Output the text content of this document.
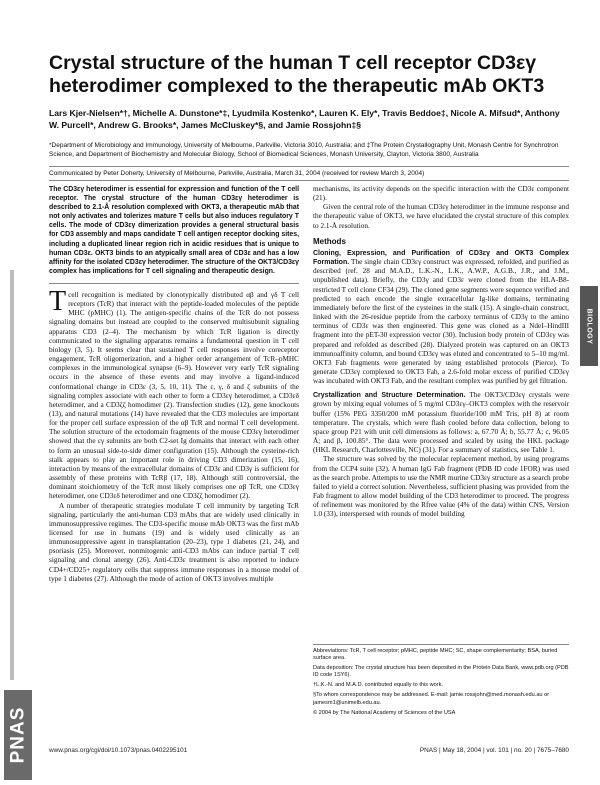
PNAS
BIOLOGY
Crystal structure of the human T cell receptor CD3εγ heterodimer complexed to the therapeutic mAb OKT3
Lars Kjer-Nielsen*†, Michelle A. Dunstone*‡, Lyudmila Kostenko*, Lauren K. Ely*, Travis Beddoe‡, Nicole A. Mifsud*, Anthony W. Purcell*, Andrew G. Brooks*, James McCluskey*§, and Jamie Rossjohn‡§
*Department of Microbiology and Immunology, University of Melbourne, Parkville, Victoria 3010, Australia; and ‡The Protein Crystallography Unit, Monash Centre for Synchrotron Science, and Department of Biochemistry and Molecular Biology, School of Biomedical Sciences, Monash University, Clayton, Victoria 3800, Australia
Communicated by Peter Doherty, University of Melbourne, Parkville, Australia, March 31, 2004 (received for review March 3, 2004)

The CD3εγ heterodimer is essential for expression and function of the T cell receptor. The crystal structure of the human CD3εγ heterodimer is described to 2.1-Å resolution complexed with OKT3, a therapeutic mAb that not only activates and tolerizes mature T cells but also induces regulatory T cells. The mode of CD3εγ dimerization provides a general structural basis for CD3 assembly and maps candidate T cell antigen receptor docking sites, including a duplicated linear region rich in acidic residues that is unique to human CD3ε. OKT3 binds to an atypically small area of CD3ε and has a low affinity for the isolated CD3εγ heterodimer. The structure of the OKT3/CD3εγ complex has implications for T cell signaling and therapeutic design.

Tcell recognition is mediated by clonotypically distributed αβ and γδ T cell receptors (TcR) that interact with the peptide-loaded molecules of the peptide MHC (pMHC) (1). The antigen-specific chains of the TcR do not possess signaling domains but instead are coupled to the conserved multisubunit signaling apparatus CD3 (2–4). The mechanism by which TcR ligation is directly communicated to the signaling apparatus remains a fundamental question in T cell biology (3, 5). It seems clear that sustained T cell responses involve coreceptor engagement, TcR oligomerization, and a higher order arrangement of TcR–pMHC complexes in the immunological synapse (6–9). However very early TcR signaling occurs in the absence of these events and may involve a ligand-induced conformational change in CD3ε (3, 5, 10, 11). The ε, γ, δ and ζ subunits of the signaling complex associate with each other to form a CD3εγ heterodimer, a CD3εδ heterodimer, and a CD3ζζ homodimer (2). Transfection studies (12), gene knockouts (13), and natural mutations (14) have revealed that the CD3 molecules are important for the proper cell surface expression of the αβ TcR and normal T cell development. The solution structure of the ectodomain fragments of the mouse CD3εγ heterodimer showed that the εγ subunits are both C2-set Ig domains that interact with each other to form an unusual side-to-side dimer configuration (15). Although the cysteine-rich stalk appears to play an important role in driving CD3 dimerization (15, 16), interaction by means of the extracellular domains of CD3ε and CD3γ is sufficient for assembly of these proteins with TcRβ (17, 18). Although still controversial, the dominant stoichiometry of the TcR most likely comprises one αβ TcR, one CD3εγ heterodimer, one CD3εδ heterodimer and one CD3ζζ homodimer (2).

A number of therapeutic strategies modulate T cell immunity by targeting TcR signaling, particularly the anti-human CD3 mAbs that are widely used clinically in immunosuppressive regimes. The CD3-specific mouse mAb OKT3 was the first mAb licensed for use in humans (19) and is widely used clinically as an immunosuppressive agent in transplantation (20–23), type 1 diabetes (21, 24), and psoriasis (25). Moreover, nonmitogenic anti-CD3 mAbs can induce partial T cell signaling and clonal anergy (26). Anti-CD3ε treatment is also reported to induce CD4+/CD25+ regulatory cells that suppress immune responses in a mouse model of type 1 diabetes (27). Although the mode of action of OKT3 involves multiple

mechanisms, its activity depends on the specific interaction with the CD3ε component (21).

Given the central role of the human CD3εγ heterodimer in the immune response and the therapeutic value of OKT3, we have elucidated the crystal structure of this complex to 2.1-Å resolution.

Methods

Cloning, Expression, and Purification of CD3εγ and OKT3 Complex Formation. The single chain CD3εγ construct was expressed, refolded, and purified as described (ref. 28 and M.A.D., L.K.-N., L.K., A.W.P., A.G.B., J.R., and J.M., unpublished data). Briefly, the CD3γ and CD3ε were cloned from the HLA-B8-restricted T cell clone CF34 (29). The cloned gene segments were sequence verified and predicted to each encode the single extracellular Ig-like domains, terminating immediately before the first of the cysteines in the stalk (15). A single-chain construct, linked with the 26-residue peptide from the carboxy terminus of CD3γ to the amino terminus of CD3ε was then engineered. This gene was cloned as a NdeI–HindIII fragment into the pET-30 expression vector (30). Inclusion body protein of CD3εγ was prepared and refolded as described (28). Dialyzed protein was captured on an OKT3 immunoaffinity column, and bound CD3εγ was eluted and concentrated to 5–10 mg/ml. OKT3 Fab fragments were generated by using established protocols (Pierce). To generate CD3εγ complexed to OKT3 Fab, a 2.6-fold molar excess of purified CD3εγ was incubated with OKT3 Fab, and the resultant complex was purified by gel filtration.

Crystallization and Structure Determination. The OKT3/CD3εγ crystals were grown by mixing equal volumes of 5 mg/ml CD3εγ–OKT3 complex with the reservoir buffer (15% PEG 3350/200 mM potassium fluoride/100 mM Tris, pH 8) at room temperature. The crystals, which were flash cooled before data collection, belong to space group P21 with unit cell dimensions as follows: a, 67.70 Å; b, 55.77 Å; c, 96.05 Å; and β, 100.85°. The data were processed and scaled by using the HKL package (HKL Research, Charlottesville, NC) (31). For a summary of statistics, see Table 1.

The structure was solved by the molecular replacement method, by using programs from the CCP4 suite (32). A human IgG Fab fragment (PDB ID code 1FOR) was used as the search probe. Attempts to use the NMR murine CD3εγ structure as a search probe failed to yield a correct solution. Nevertheless, sufficient phasing was provided from the Fab fragment to allow model building of the CD3 heterodimer to proceed. The progress of refinement was monitored by the Rfree value (4% of the data) within CNS, Version 1.0 (33), interspersed with rounds of model building

Abbreviations: TcR, T cell receptor; pMHC, peptide MHC; SC, shape complementarity; BSA, buried surface area.

Data deposition: The crystal structure has been deposited in the Protein Data Bank, www.pdb.org (PDB ID code 1SY6).

†L.K.-N. and M.A.D. contributed equally to this work.

§To whom correspondence may be addressed. E-mail: jamie.rossjohn@med.monash.edu.au or jamesm1@unimelb.edu.au.

© 2004 by The National Academy of Sciences of the USA

www.pnas.org/cgi/doi/10.1073/pnas.0402295101	PNAS | May 18, 2004 | vol. 101 | no. 20 | 7675–7680
